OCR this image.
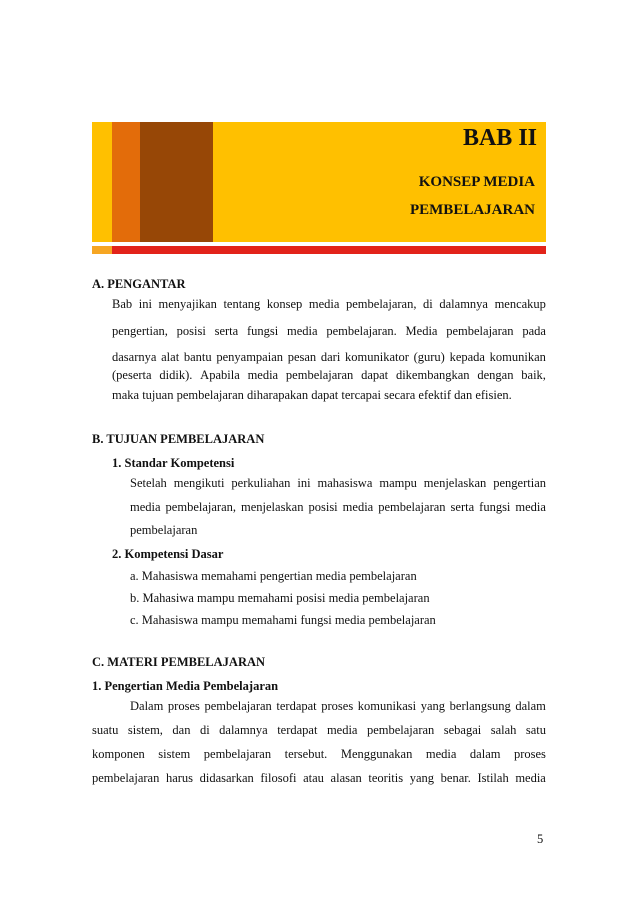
BAB II
KONSEP MEDIA
PEMBELAJARAN
A. PENGANTAR
Bab ini menyajikan tentang konsep media pembelajaran, di dalamnya mencakup
pengertian, posisi serta fungsi media pembelajaran. Media pembelajaran pada
dasarnya alat bantu penyampaian pesan dari komunikator (guru) kepada komunikan
(peserta didik). Apabila media pembelajaran dapat dikembangkan dengan baik,
maka tujuan pembelajaran diharapakan dapat tercapai secara efektif dan efisien.
B. TUJUAN PEMBELAJARAN
1. Standar Kompetensi
Setelah mengikuti perkuliahan ini mahasiswa mampu menjelaskan pengertian
media pembelajaran, menjelaskan posisi media pembelajaran serta fungsi media
pembelajaran
2. Kompetensi Dasar
a. Mahasiswa memahami pengertian media pembelajaran
b. Mahasiwa mampu memahami posisi media pembelajaran
c. Mahasiswa mampu memahami fungsi media pembelajaran
C. MATERI PEMBELAJARAN
1. Pengertian Media Pembelajaran
Dalam proses pembelajaran terdapat proses komunikasi yang berlangsung dalam
suatu sistem, dan di dalamnya terdapat media pembelajaran sebagai salah satu
komponen sistem pembelajaran tersebut. Menggunakan media dalam proses
pembelajaran harus didasarkan filosofi atau alasan teoritis yang benar. Istilah media
5
